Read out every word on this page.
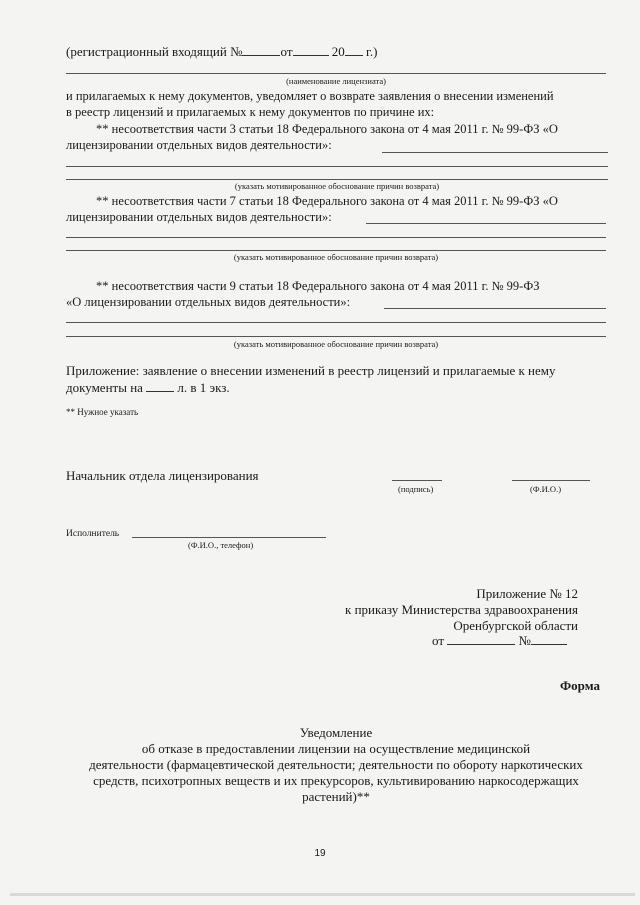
(регистрационный входящий №	от	20 г.)
(наименование лицензиата)
и прилагаемых к нему документов, уведомляет о возврате заявления о внесении изменений
в реестр лицензий и прилагаемых к нему документов по причине их:
** несоответствия части 3 статьи 18 Федерального закона от 4 мая 2011 г. № 99-ФЗ «О
лицензировании отдельных видов деятельности»:
(указать мотивированное обоснование причин возврата)
** несоответствия части 7 статьи 18 Федерального закона от 4 мая 2011 г. № 99-ФЗ «О
лицензировании отдельных видов деятельности»:
(указать мотивированное обоснование причин возврата)
** несоответствия части 9 статьи 18 Федерального закона от 4 мая 2011 г. № 99-ФЗ
«О лицензировании отдельных видов деятельности»:
(указать мотивированное обоснование причин возврата)
Приложение: заявление о внесении изменений в реестр лицензий и прилагаемые к нему
документы на  л. в 1 экз.
** Нужное указать
Начальник отдела лицензирования
(подпись)	(Ф.И.О.)
Исполнитель
(Ф.И.О., телефон)
Приложение № 12
к приказу Министерства здравоохранения
Оренбургской области
от	№
Форма
Уведомление
об отказе в предоставлении лицензии на осуществление медицинской
деятельности (фармацевтической деятельности; деятельности по обороту наркотических
средств, психотропных веществ и их прекурсоров, культивированию наркосодержащих
растений)**
19
